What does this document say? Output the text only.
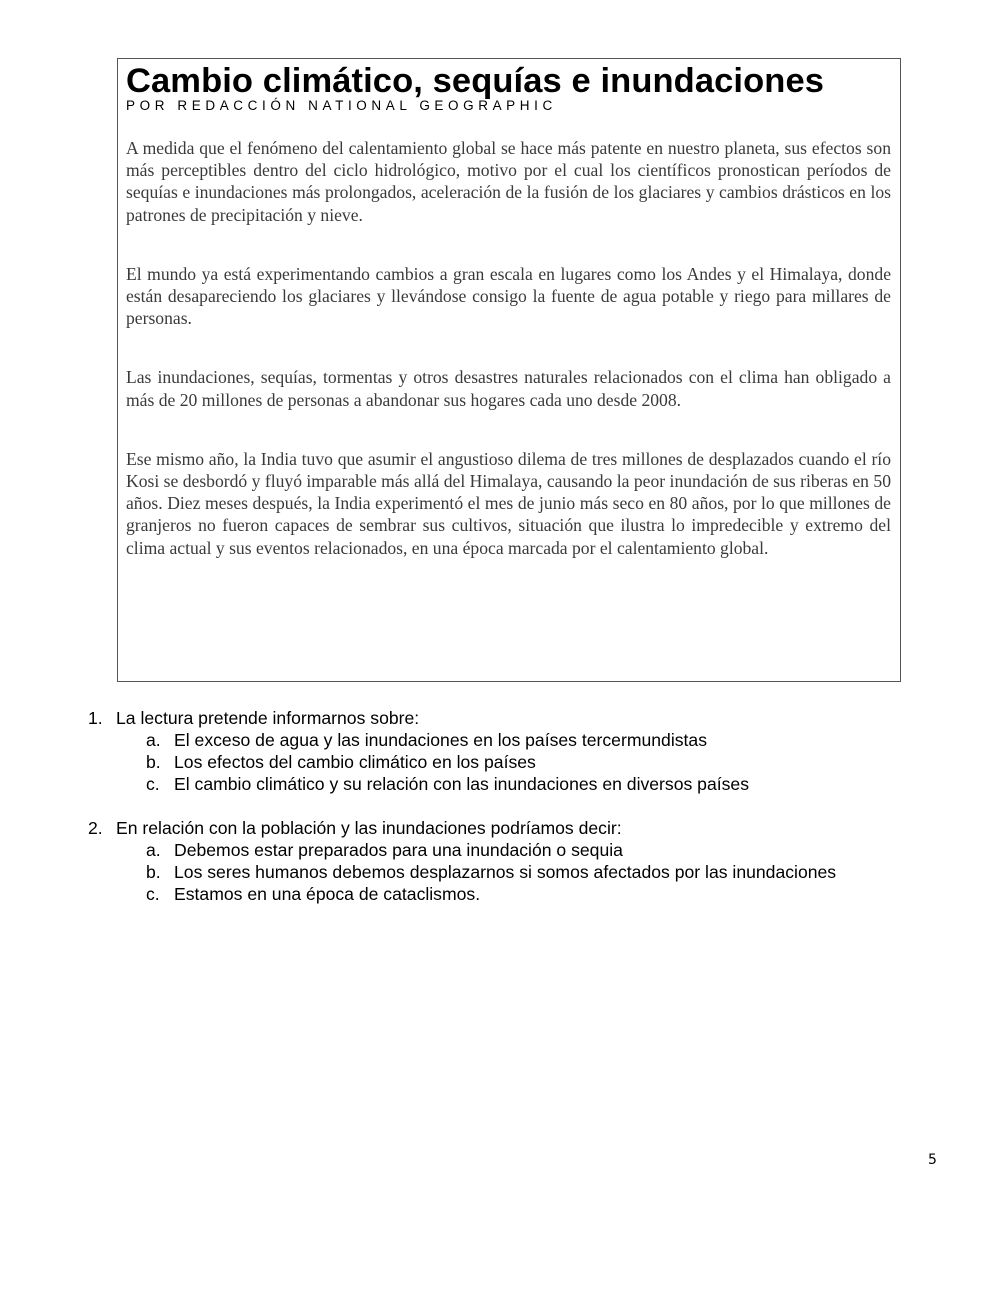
Cambio climático, sequías e inundaciones
POR REDACCIÓN NATIONAL GEOGRAPHIC

A medida que el fenómeno del calentamiento global se hace más patente en nuestro planeta, sus efectos son más perceptibles dentro del ciclo hidrológico, motivo por el cual los científicos pronostican períodos de sequías e inundaciones más prolongados, aceleración de la fusión de los glaciares y cambios drásticos en los patrones de precipitación y nieve.

El mundo ya está experimentando cambios a gran escala en lugares como los Andes y el Himalaya, donde están desapareciendo los glaciares y llevándose consigo la fuente de agua potable y riego para millares de personas.

Las inundaciones, sequías, tormentas y otros desastres naturales relacionados con el clima han obligado a más de 20 millones de personas a abandonar sus hogares cada uno desde 2008.

Ese mismo año, la India tuvo que asumir el angustioso dilema de tres millones de desplazados cuando el río Kosi se desbordó y fluyó imparable más allá del Himalaya, causando la peor inundación de sus riberas en 50 años. Diez meses después, la India experimentó el mes de junio más seco en 80 años, por lo que millones de granjeros no fueron capaces de sembrar sus cultivos, situación que ilustra lo impredecible y extremo del clima actual y sus eventos relacionados, en una época marcada por el calentamiento global.

1. La lectura pretende informarnos sobre:
a. El exceso de agua y las inundaciones en los países tercermundistas
b. Los efectos del cambio climático en los países
c. El cambio climático y su relación con las inundaciones en diversos países
2. En relación con la población y las inundaciones podríamos decir:
a. Debemos estar preparados para una inundación o sequia
b. Los seres humanos debemos desplazarnos si somos afectados por las inundaciones
c. Estamos en una época de cataclismos.
5
